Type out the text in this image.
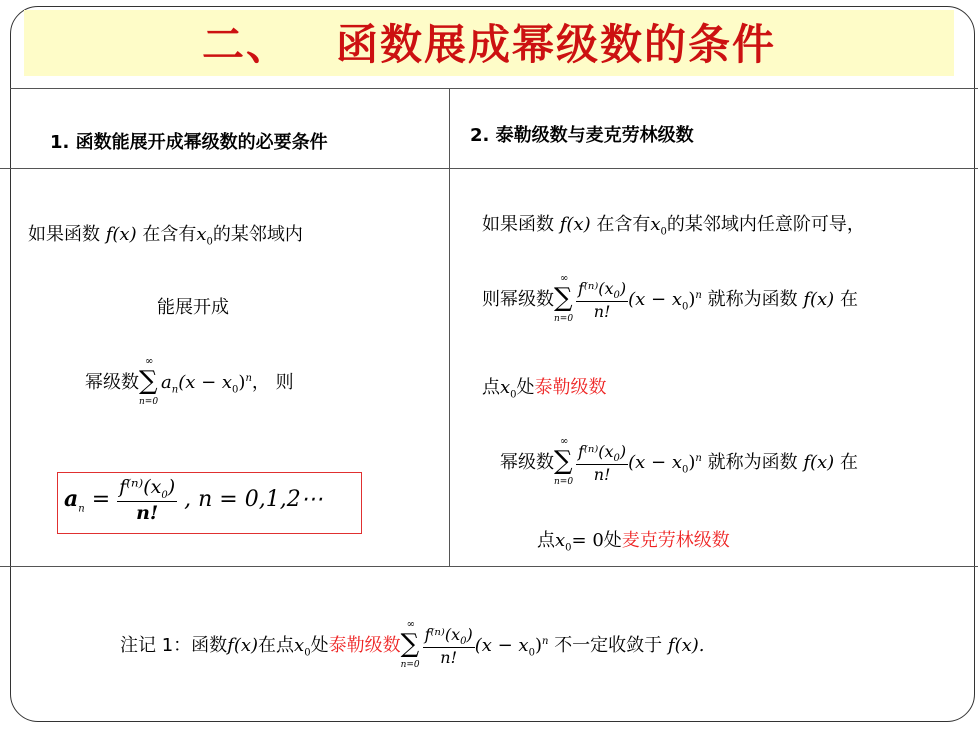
二、 函数展成幂级数的条件
1. 函数能展开成幂级数的必要条件	2. 泰勒级数与麦克劳林级数
如果函数 f(x) 在含有$x_0$的某邻域内
能展开成
幂级数
∞
∑
n=0
$a_n(x - x_0)^n$， 则
$a_n = \frac{f^{(n)}(x_0)}{n!}$ , n = 0,1,2⋯
如果函数 f(x) 在含有$x_0$的某邻域内任意阶可导，
则幂级数
∞
∑
$n=0 \frac{f^{(n)}(x_0)}{n!} (x - x_0)^n$ 就称为函数 f(x) 在
点$x_0$处泰勒级数
幂级数
∞
∑
$n=0 \frac{f^{(n)}(x_0)}{n!} (x - x_0)^n$ 就称为函数 f(x) 在
点$x_0= 0$处麦克劳林级数
注记 1：函数f(x)在点$x_0$处泰勒级数
∞
∑
$n=0 \frac{f^{(n)}(x_0)}{n!} (x - x_0)^n$ 不一定收敛于 f(x).
